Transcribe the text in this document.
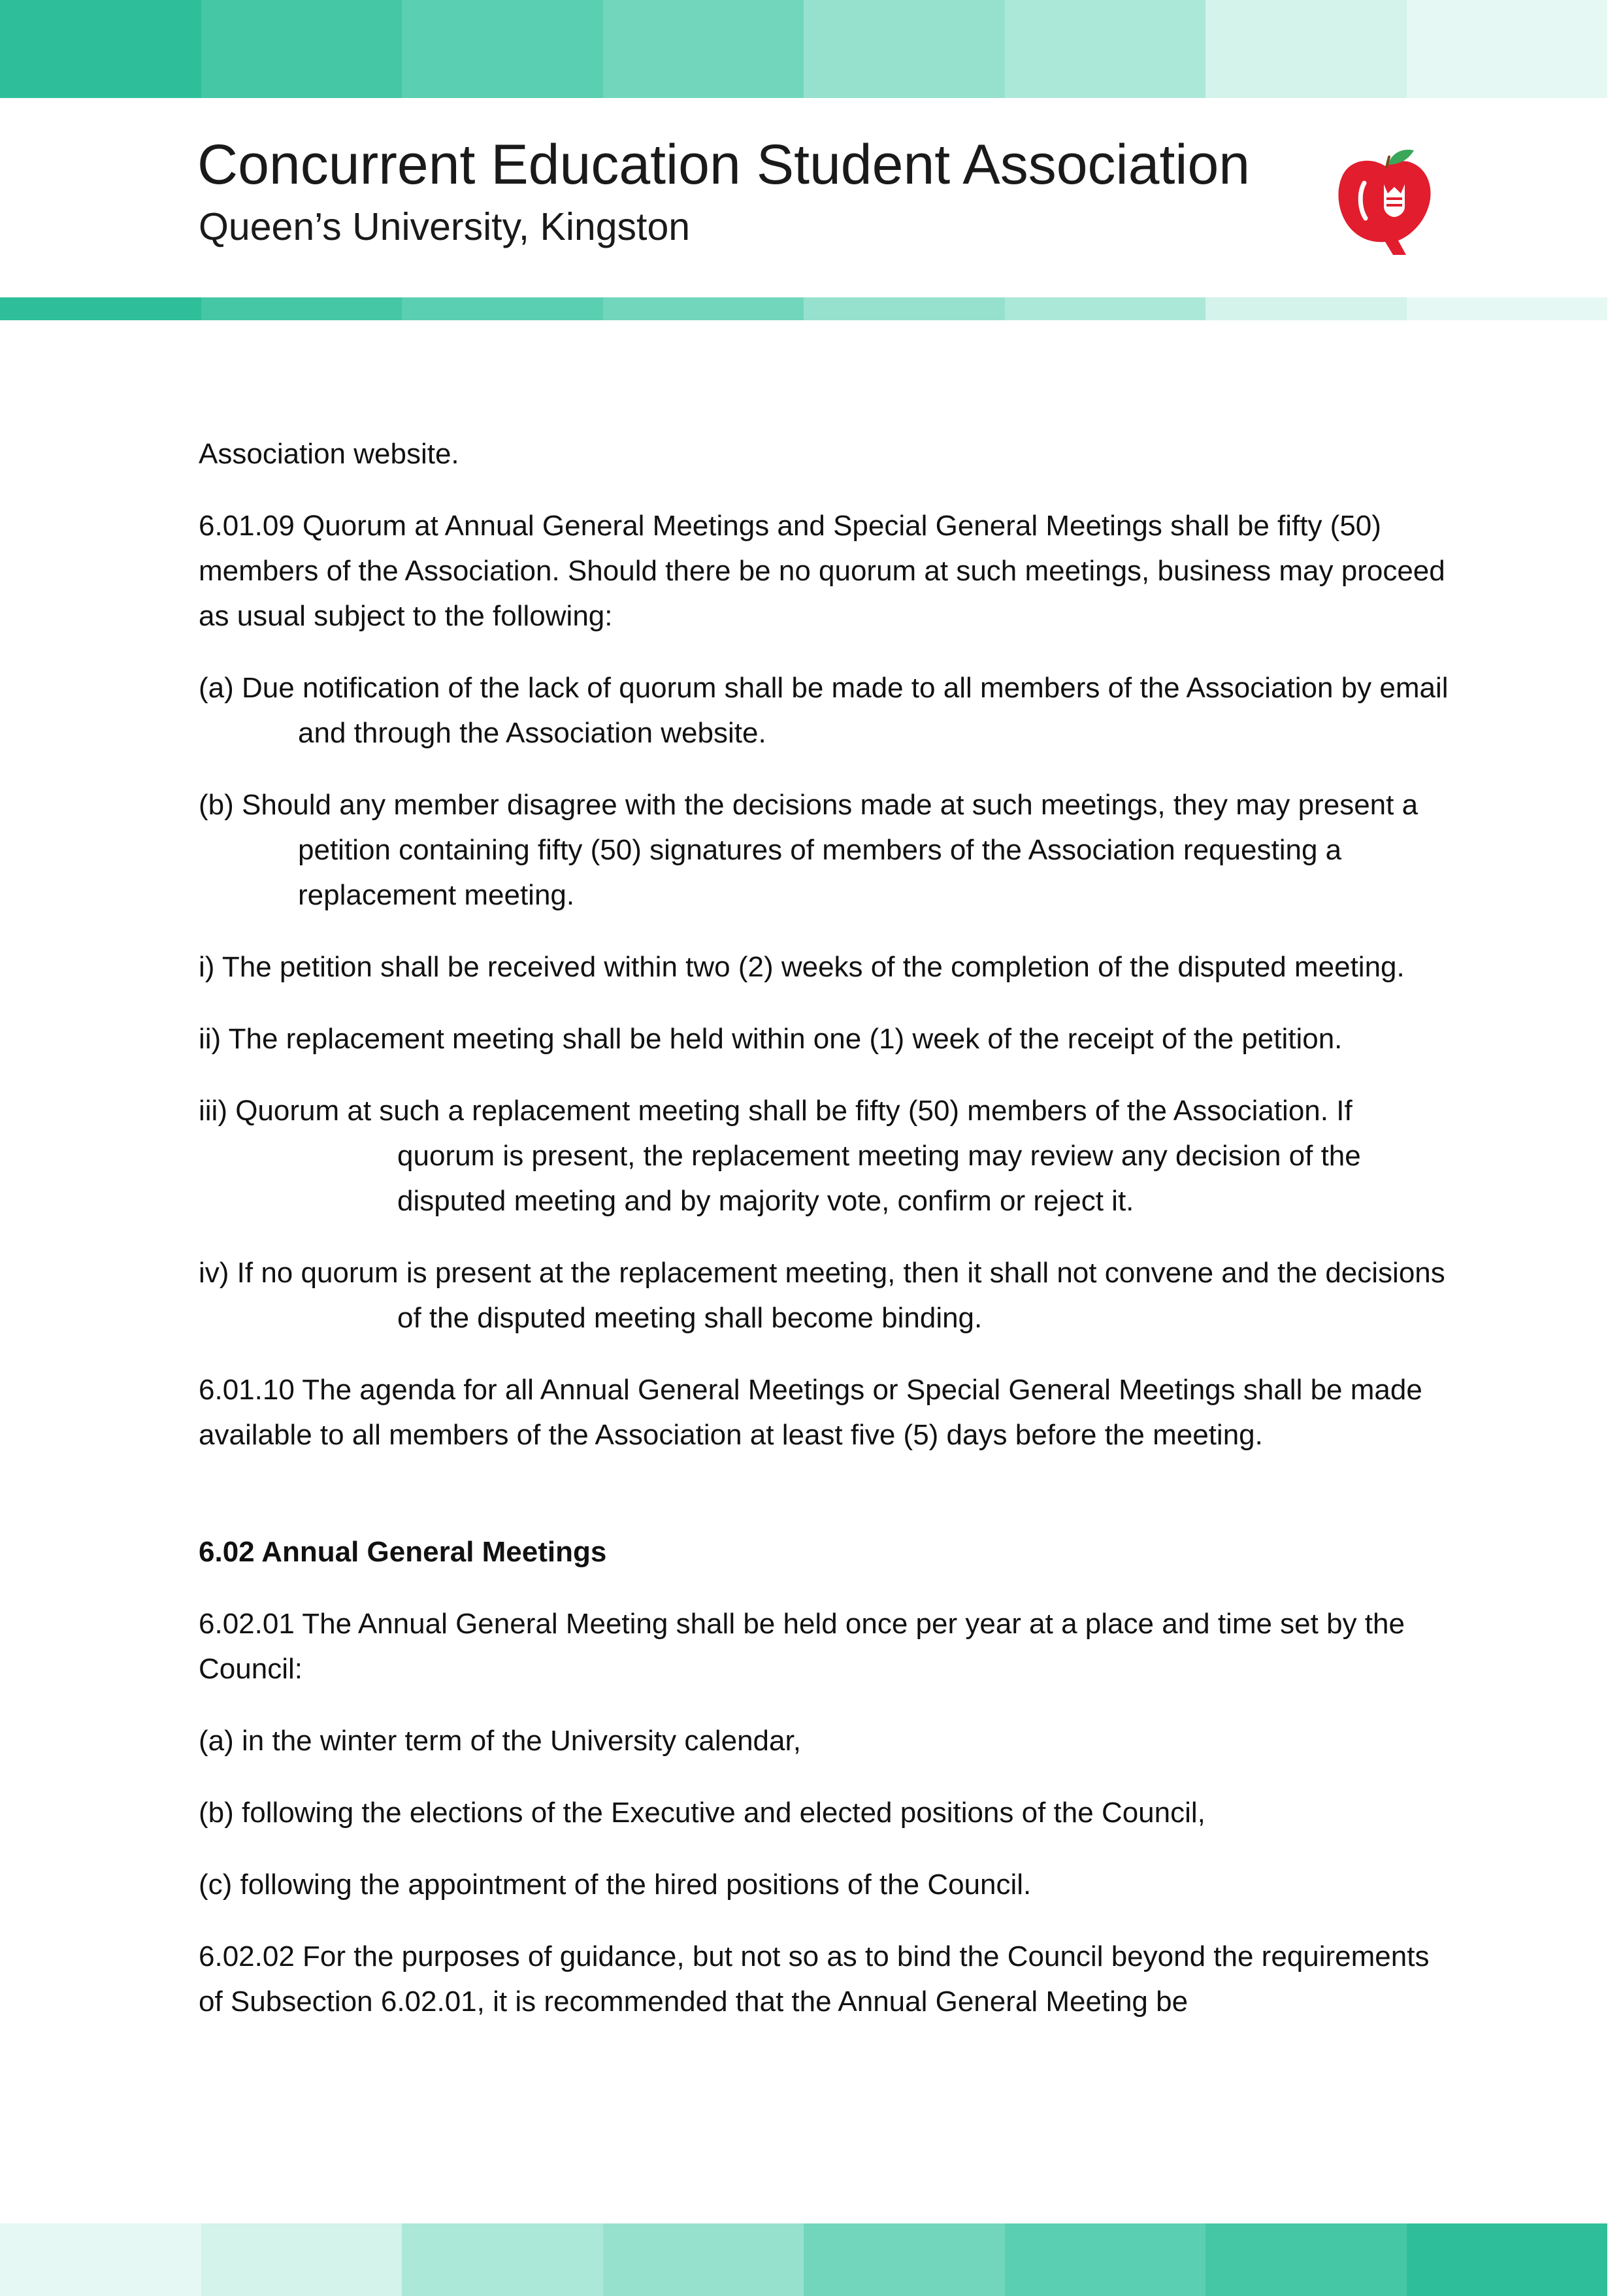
Concurrent Education Student Association
Queen’s University, Kingston

Association website.

6.01.09 Quorum at Annual General Meetings and Special General Meetings shall be fifty (50) members of the Association. Should there be no quorum at such meetings, business may proceed as usual subject to the following:

(a) Due notification of the lack of quorum shall be made to all members of the Association by email and through the Association website.

(b) Should any member disagree with the decisions made at such meetings, they may present a petition containing fifty (50) signatures of members of the Association requesting a replacement meeting.

i) The petition shall be received within two (2) weeks of the completion of the disputed meeting.

ii) The replacement meeting shall be held within one (1) week of the receipt of the petition.

iii) Quorum at such a replacement meeting shall be fifty (50) members of the Association. If quorum is present, the replacement meeting may review any decision of the disputed meeting and by majority vote, confirm or reject it.

iv) If no quorum is present at the replacement meeting, then it shall not convene and the decisions of the disputed meeting shall become binding.

6.01.10 The agenda for all Annual General Meetings or Special General Meetings shall be made available to all members of the Association at least five (5) days before the meeting.

6.02 Annual General Meetings

6.02.01 The Annual General Meeting shall be held once per year at a place and time set by the Council:

(a) in the winter term of the University calendar,

(b) following the elections of the Executive and elected positions of the Council,

(c) following the appointment of the hired positions of the Council.

6.02.02 For the purposes of guidance, but not so as to bind the Council beyond the requirements of Subsection 6.02.01, it is recommended that the Annual General Meeting be
